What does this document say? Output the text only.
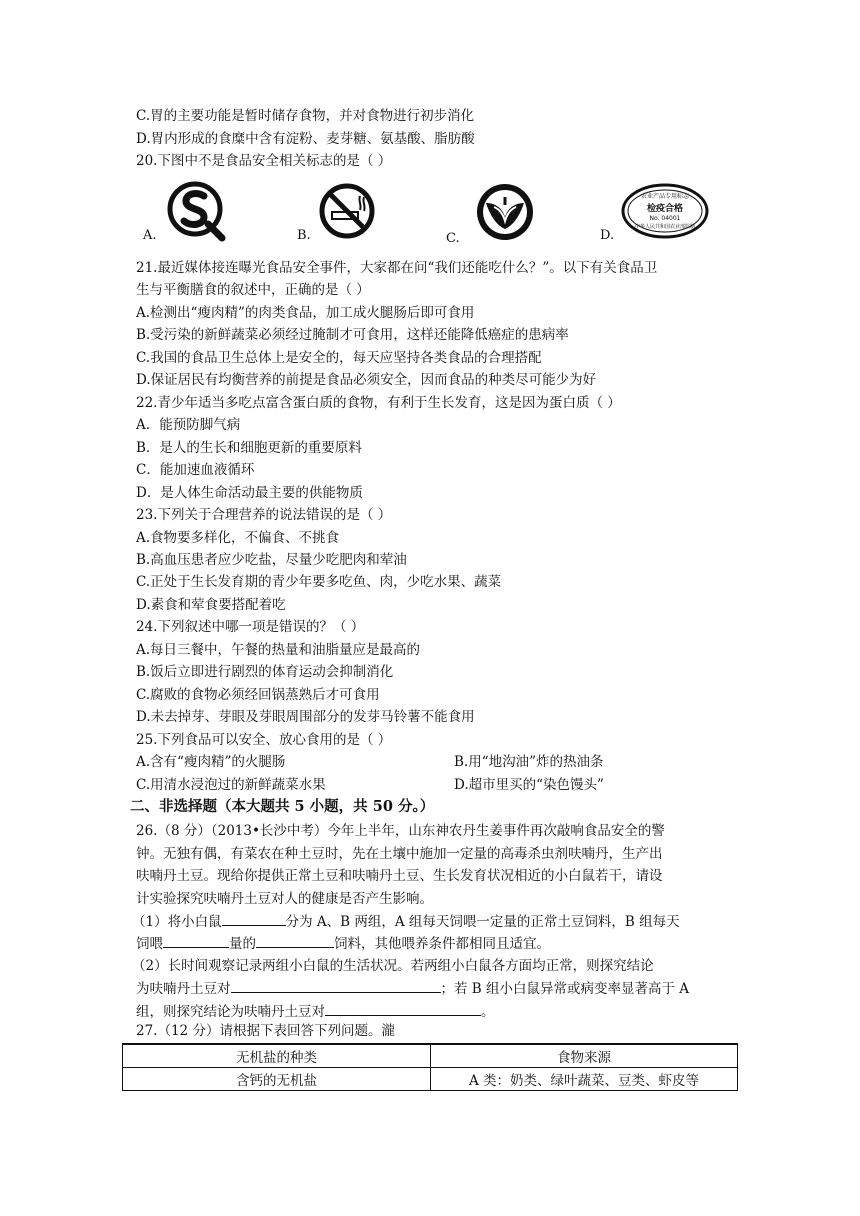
C.胃的主要功能是暂时储存食物，并对食物进行初步消化
D.胃内形成的食糜中含有淀粉、麦芽糖、氨基酸、脂肪酸
20.下图中不是食品安全相关标志的是（ ）
A.	B.	C.	D.
农业产品专用标志
检疫合格
No. 04001
中华人民共和国农业部监制
21.最近媒体接连曝光食品安全事件，大家都在问“我们还能吃什么？”。以下有关食品卫
生与平衡膳食的叙述中，正确的是（ ）
A.检测出“瘦肉精”的肉类食品，加工成火腿肠后即可食用
B.受污染的新鲜蔬菜必须经过腌制才可食用，这样还能降低癌症的患病率
C.我国的食品卫生总体上是安全的，每天应坚持各类食品的合理搭配
D.保证居民有均衡营养的前提是食品必须安全，因而食品的种类尽可能少为好
22.青少年适当多吃点富含蛋白质的食物，有利于生长发育，这是因为蛋白质（ ）
A．能预防脚气病
B．是人的生长和细胞更新的重要原料
C．能加速血液循环
D．是人体生命活动最主要的供能物质
23.下列关于合理营养的说法错误的是（ ）
A.食物要多样化，不偏食、不挑食
B.高血压患者应少吃盐，尽量少吃肥肉和荤油
C.正处于生长发育期的青少年要多吃鱼、肉，少吃水果、蔬菜
D.素食和荤食要搭配着吃
24.下列叙述中哪一项是错误的？（ ）
A.每日三餐中，午餐的热量和油脂量应是最高的
B.饭后立即进行剧烈的体育运动会抑制消化
C.腐败的食物必须经回锅蒸熟后才可食用
D.未去掉芽、芽眼及芽眼周围部分的发芽马铃薯不能食用
25.下列食品可以安全、放心食用的是（ ）
A.含有“瘦肉精”的火腿肠	B.用“地沟油”炸的热油条
C.用清水浸泡过的新鲜蔬菜水果	D.超市里买的“染色馒头”
二、非选择题（本大题共 5 小题，共 50 分。）
26.（8 分）（2013•长沙中考）今年上半年，山东神农丹生姜事件再次敲响食品安全的警
钟。无独有偶，有菜农在种土豆时，先在土壤中施加一定量的高毒杀虫剂呋喃丹，生产出
呋喃丹土豆。现给你提供正常土豆和呋喃丹土豆、生长发育状况相近的小白鼠若干，请设
计实验探究呋喃丹土豆对人的健康是否产生影响。
（1）将小白鼠	分为 A、B 两组，A 组每天饲喂一定量的正常土豆饲料，B 组每天
饲喂	量的	饲料，其他喂养条件都相同且适宜。
（2）长时间观察记录两组小白鼠的生活状况。若两组小白鼠各方面均正常，则探究结论
为呋喃丹土豆对	；若 B 组小白鼠异常或病变率显著高于 A
组，则探究结论为呋喃丹土豆对	。
27.（12 分）请根据下表回答下列问题。瀧
无机盐的种类	食物来源
含钙的无机盐	A 类：奶类、绿叶蔬菜、豆类、虾皮等
